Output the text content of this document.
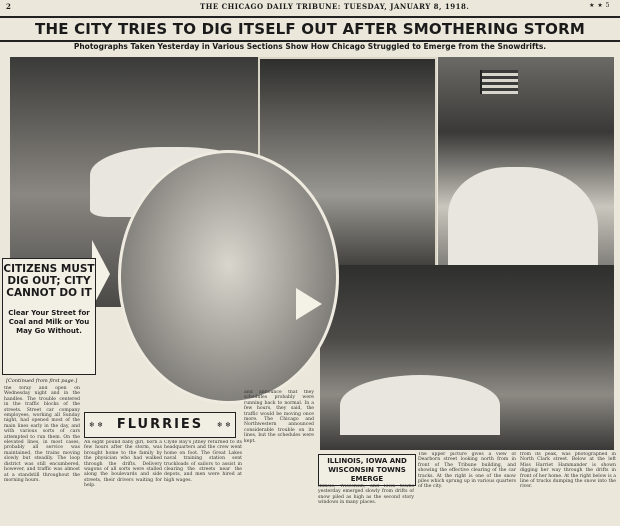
2	THE CHICAGO DAILY TRIBUNE: TUESDAY, JANUARY 8, 1918.	★ ★ 5
THE CITY TRIES TO DIG ITSELF OUT AFTER SMOTHERING STORM
Photographs Taken Yesterday in Various Sections Show How Chicago Struggled to Emerge from the Snowdrifts.
CITIZENS MUST DIG OUT; CITY CANNOT DO IT
Clear Your Street for Coal and Milk or You May Go Without.
[Continued from first page.]
the foray and open on Wednesday night and in the handles. The trouble centered in the traffic blocks of the streets. Street car company employees, working all Sunday night, had opened most of the main lines early in the day, and with various sorts of cars attempted to run them. On the elevated lines, in most cases, probably all service was maintained, the trains moving slowly but steadily. The loop district was still encumbered, however, and traffic was almost at a standstill throughout the morning hours.
❄ ❄ FLURRIES ❄ ❄
An eight pound baby girl, born a few hours after the storm, was brought home to the family by the physician who had walked through the drifts. Delivery wagons of all sorts were stalled along the boulevards and side streets, their drivers waiting for help.
Clyde Bay's jitney returned to its headquarters and the crew went home on foot. The Great Lakes naval training station sent truckloads of sailors to assist in clearing the streets near the depots, and men were hired at high wages.
and announce that they schedules probably were running back to normal. In a few hours, they said, the traffic would be moving once more. The Chicago and Northwestern announced considerable trouble on its lines, but the schedules were kept.
ILLINOIS, IOWA AND WISCONSIN TOWNS EMERGE
Illinois, Wisconsin, and Iowa towns yesterday emerged slowly from drifts of snow piled as high as the second story windows in many places.
The upper picture gives a view of Dearborn street looking north from in front of The Tribune building, and showing the effective clearing of the car tracks. At the right is one of the snow piles which sprung up in various quarters of the city.
from its peak, was photographed in North Clark street. Below at the left Miss Harriet Hammander is shown digging her way through the drifts in front of her home. At the right below is a line of trucks dumping the snow into the river.
